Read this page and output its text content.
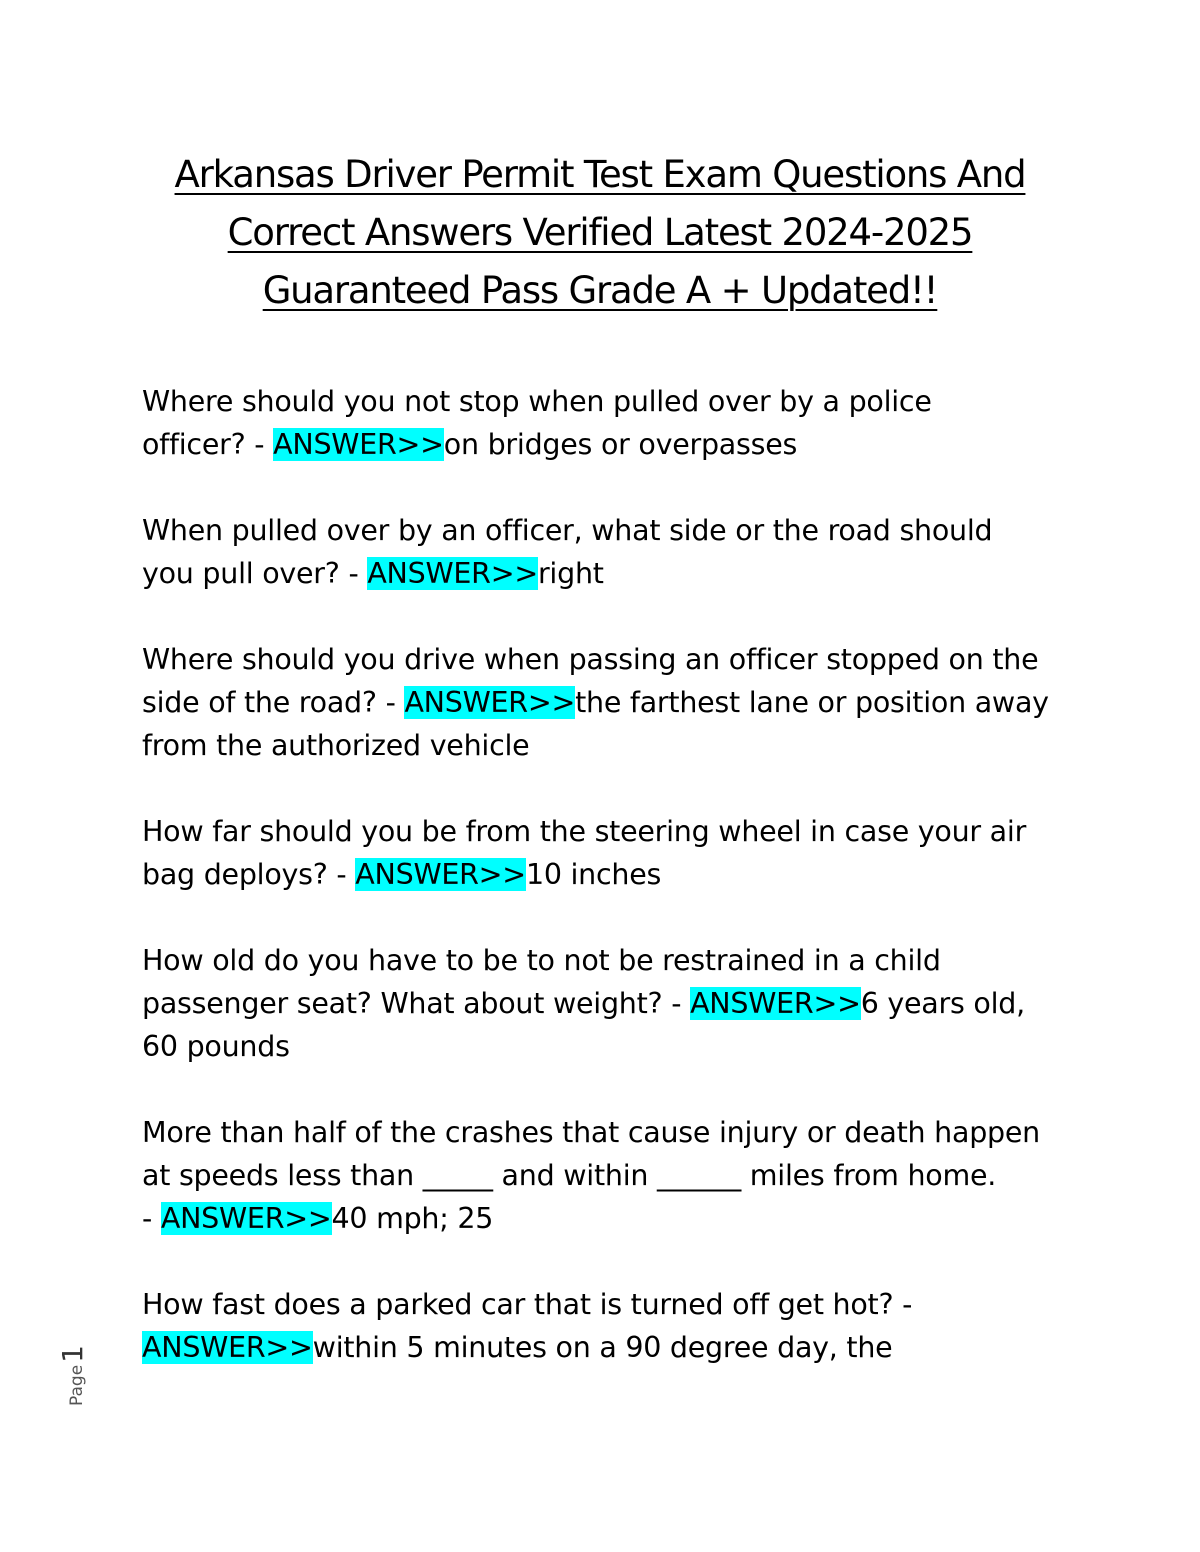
Arkansas Driver Permit Test Exam Questions And
Correct Answers Verified Latest 2024-2025
Guaranteed Pass Grade A + Updated!!

Where should you not stop when pulled over by a police
officer? - ANSWER>>on bridges or overpasses

When pulled over by an officer, what side or the road should
you pull over? - ANSWER>>right

Where should you drive when passing an officer stopped on the
side of the road? - ANSWER>>the farthest lane or position away
from the authorized vehicle

How far should you be from the steering wheel in case your air
bag deploys? - ANSWER>>10 inches

How old do you have to be to not be restrained in a child
passenger seat? What about weight? - ANSWER>>6 years old,
60 pounds

More than half of the crashes that cause injury or death happen
at speeds less than _____ and within ______ miles from home.
- ANSWER>>40 mph; 25

How fast does a parked car that is turned off get hot? -
ANSWER>>within 5 minutes on a 90 degree day, the

Page1
